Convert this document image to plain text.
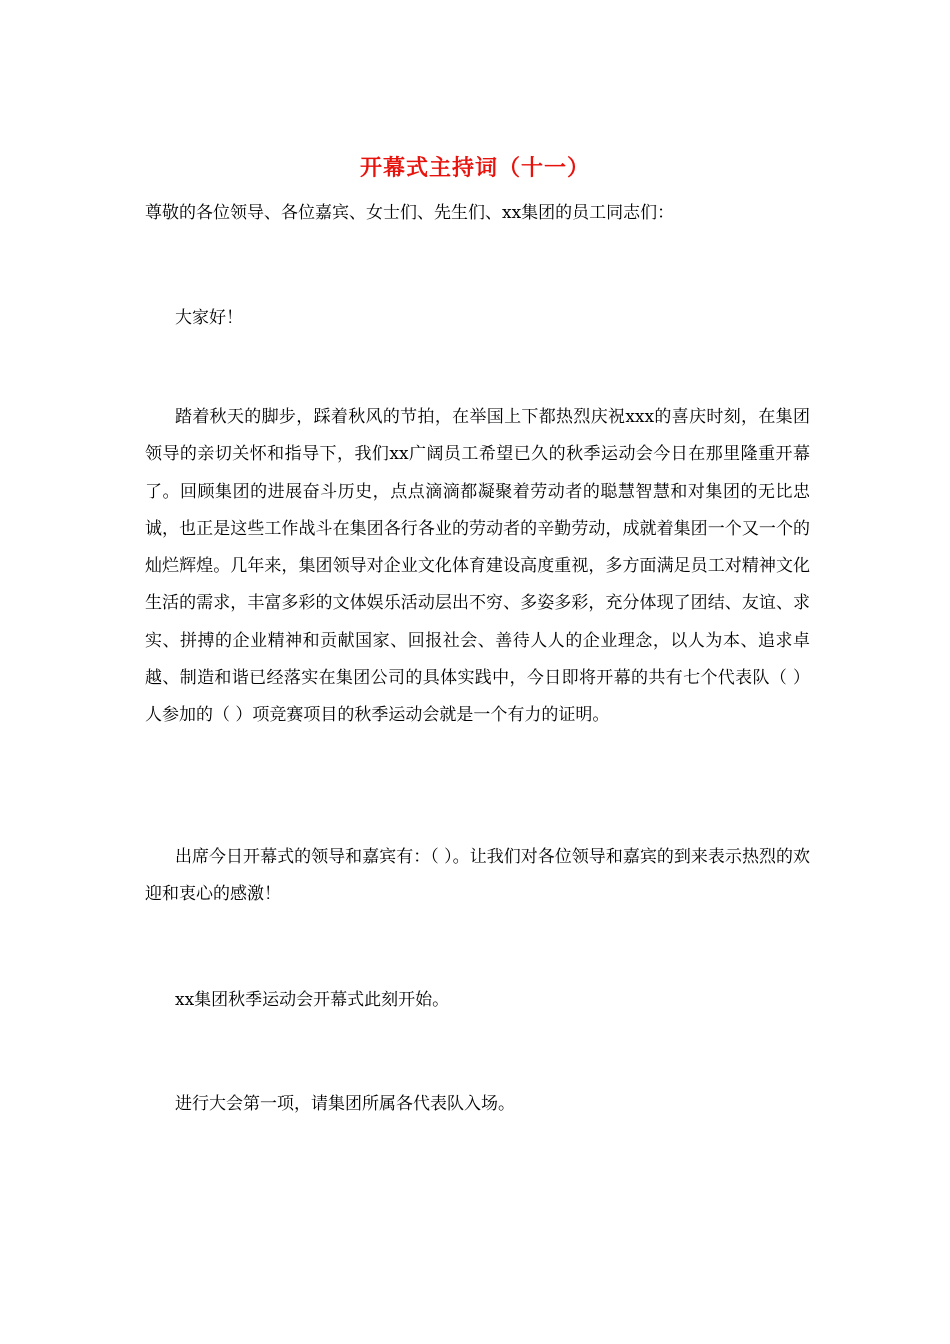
开幕式主持词（十一）
尊敬的各位领导、各位嘉宾、女士们、先生们、xx集团的员工同志们：
大家好！
踏着秋天的脚步，踩着秋风的节拍，在举国上下都热烈庆祝xxx的喜庆时刻，在集团领导的亲切关怀和指导下，我们xx广阔员工希望已久的秋季运动会今日在那里隆重开幕了。回顾集团的进展奋斗历史，点点滴滴都凝聚着劳动者的聪慧智慧和对集团的无比忠诚，也正是这些工作战斗在集团各行各业的劳动者的辛勤劳动，成就着集团一个又一个的灿烂辉煌。几年来，集团领导对企业文化体育建设高度重视，多方面满足员工对精神文化生活的需求，丰富多彩的文体娱乐活动层出不穷、多姿多彩，充分体现了团结、友谊、求实、拼搏的企业精神和贡献国家、回报社会、善待人人的企业理念，以人为本、追求卓越、制造和谐已经落实在集团公司的具体实践中，今日即将开幕的共有七个代表队（ ）人参加的（ ）项竞赛项目的秋季运动会就是一个有力的证明。
出席今日开幕式的领导和嘉宾有：（ ）。让我们对各位领导和嘉宾的到来表示热烈的欢迎和衷心的感激！
xx集团秋季运动会开幕式此刻开始。
进行大会第一项，请集团所属各代表队入场。
